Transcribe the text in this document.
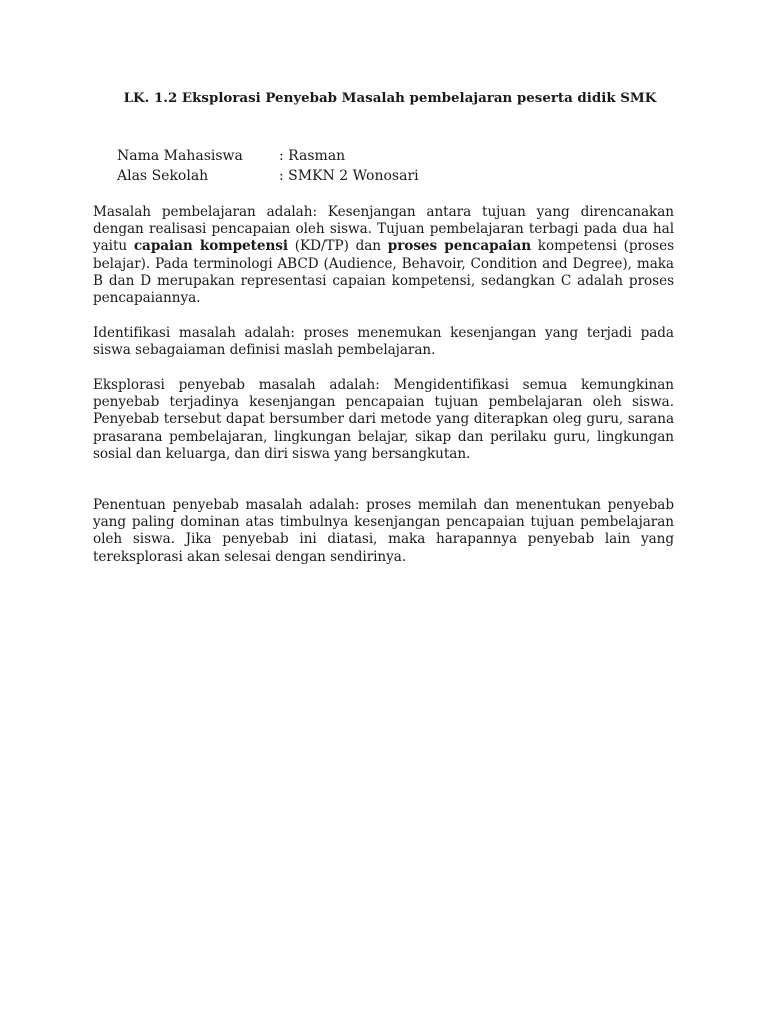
LK. 1.2 Eksplorasi Penyebab Masalah pembelajaran peserta didik SMK
Nama Mahasiswa	: Rasman
Alas Sekolah	: SMKN 2 Wonosari

Masalah pembelajaran adalah: Kesenjangan antara tujuan yang direncanakan dengan realisasi pencapaian oleh siswa. Tujuan pembelajaran terbagi pada dua hal yaitu capaian kompetensi (KD/TP) dan proses pencapaian kompetensi (proses belajar). Pada terminologi ABCD (Audience, Behavoir, Condition and Degree), maka B dan D merupakan representasi capaian kompetensi, sedangkan C adalah proses pencapaiannya.

Identifikasi masalah adalah: proses menemukan kesenjangan yang terjadi pada siswa sebagaiaman definisi maslah pembelajaran.

Eksplorasi penyebab masalah adalah: Mengidentifikasi semua kemungkinan penyebab terjadinya kesenjangan pencapaian tujuan pembelajaran oleh siswa. Penyebab tersebut dapat bersumber dari metode yang diterapkan oleg guru, sarana prasarana pembelajaran, lingkungan belajar, sikap dan perilaku guru, lingkungan sosial dan keluarga, dan diri siswa yang bersangkutan.

Penentuan penyebab masalah adalah: proses memilah dan menentukan penyebab yang paling dominan atas timbulnya kesenjangan pencapaian tujuan pembelajaran oleh siswa. Jika penyebab ini diatasi, maka harapannya penyebab lain yang tereksplorasi akan selesai dengan sendirinya.
